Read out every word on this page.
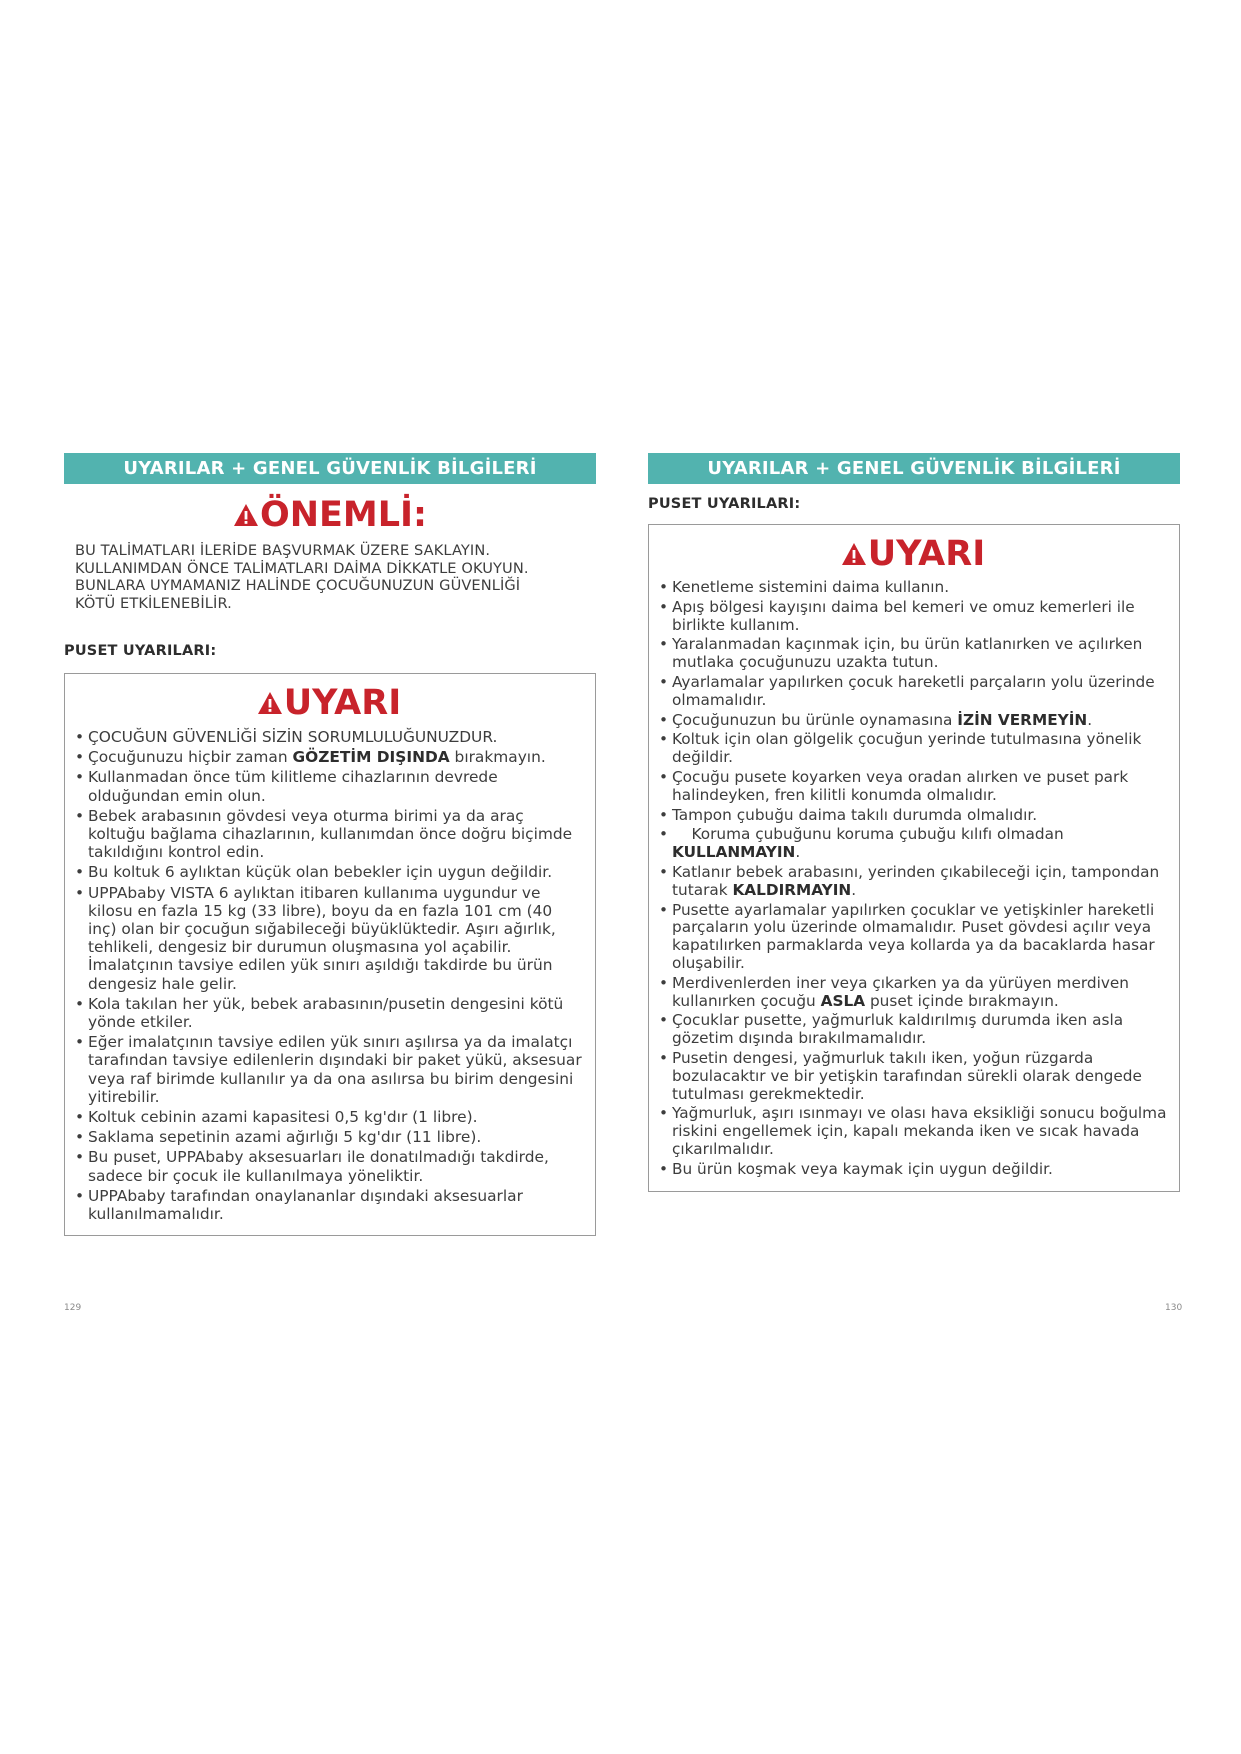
UYARILAR + GENEL GÜVENLİK BİLGİLERİ
ÖNEMLİ:
BU TALİMATLARI İLERİDE BAŞVURMAK ÜZERE SAKLAYIN.
KULLANIMDAN ÖNCE TALİMATLARI DAİMA DİKKATLE OKUYUN.
BUNLARA UYMAMANIZ HALİNDE ÇOCUĞUNUZUN GÜVENLİĞİ
KÖTÜ ETKİLENEBİLİR.
PUSET UYARILARI:
UYARI
• ÇOCUĞUN GÜVENLİĞİ SİZİN SORUMLULUĞUNUZDUR.
• Çocuğunuzu hiçbir zaman GÖZETİM DIŞINDA bırakmayın.
• Kullanmadan önce tüm kilitleme cihazlarının devrede olduğundan emin olun.
• Bebek arabasının gövdesi veya oturma birimi ya da araç koltuğu bağlama cihazlarının, kullanımdan önce doğru biçimde takıldığını kontrol edin.
• Bu koltuk 6 aylıktan küçük olan bebekler için uygun değildir.
• UPPAbaby VISTA 6 aylıktan itibaren kullanıma uygundur ve kilosu en fazla 15 kg (33 libre), boyu da en fazla 101 cm (40 inç) olan bir çocuğun sığabileceği büyüklüktedir. Aşırı ağırlık, tehlikeli, dengesiz bir durumun oluşmasına yol açabilir. İmalatçının tavsiye edilen yük sınırı aşıldığı takdirde bu ürün dengesiz hale gelir.
• Kola takılan her yük, bebek arabasının/pusetin dengesini kötü yönde etkiler.
• Eğer imalatçının tavsiye edilen yük sınırı aşılırsa ya da imalatçı tarafından tavsiye edilenlerin dışındaki bir paket yükü, aksesuar veya raf birimde kullanılır ya da ona asılırsa bu birim dengesini yitirebilir.
• Koltuk cebinin azami kapasitesi 0,5 kg'dır (1 libre).
• Saklama sepetinin azami ağırlığı 5 kg'dır (11 libre).
• Bu puset, UPPAbaby aksesuarları ile donatılmadığı takdirde, sadece bir çocuk ile kullanılmaya yöneliktir.
• UPPAbaby tarafından onaylananlar dışındaki aksesuarlar kullanılmamalıdır.
UYARILAR + GENEL GÜVENLİK BİLGİLERİ
PUSET UYARILARI:
UYARI
• Kenetleme sistemini daima kullanın.
• Apış bölgesi kayışını daima bel kemeri ve omuz kemerleri ile birlikte kullanım.
• Yaralanmadan kaçınmak için, bu ürün katlanırken ve açılırken mutlaka çocuğunuzu uzakta tutun.
• Ayarlamalar yapılırken çocuk hareketli parçaların yolu üzerinde olmamalıdır.
• Çocuğunuzun bu ürünle oynamasına İZİN VERMEYİN.
• Koltuk için olan gölgelik çocuğun yerinde tutulmasına yönelik değildir.
• Çocuğu pusete koyarken veya oradan alırken ve puset park halindeyken, fren kilitli konumda olmalıdır.
• Tampon çubuğu daima takılı durumda olmalıdır.
•     Koruma çubuğunu koruma çubuğu kılıfı olmadan KULLANMAYIN.
• Katlanır bebek arabasını, yerinden çıkabileceği için, tampondan tutarak KALDIRMAYIN.
• Pusette ayarlamalar yapılırken çocuklar ve yetişkinler hareketli parçaların yolu üzerinde olmamalıdır. Puset gövdesi açılır veya kapatılırken parmaklarda veya kollarda ya da bacaklarda hasar oluşabilir.
• Merdivenlerden iner veya çıkarken ya da yürüyen merdiven kullanırken çocuğu ASLA puset içinde bırakmayın.
• Çocuklar pusette, yağmurluk kaldırılmış durumda iken asla gözetim dışında bırakılmamalıdır.
• Pusetin dengesi, yağmurluk takılı iken, yoğun rüzgarda bozulacaktır ve bir yetişkin tarafından sürekli olarak dengede tutulması gerekmektedir.
• Yağmurluk, aşırı ısınmayı ve olası hava eksikliği sonucu boğulma riskini engellemek için, kapalı mekanda iken ve sıcak havada çıkarılmalıdır.
• Bu ürün koşmak veya kaymak için uygun değildir.
129	130
